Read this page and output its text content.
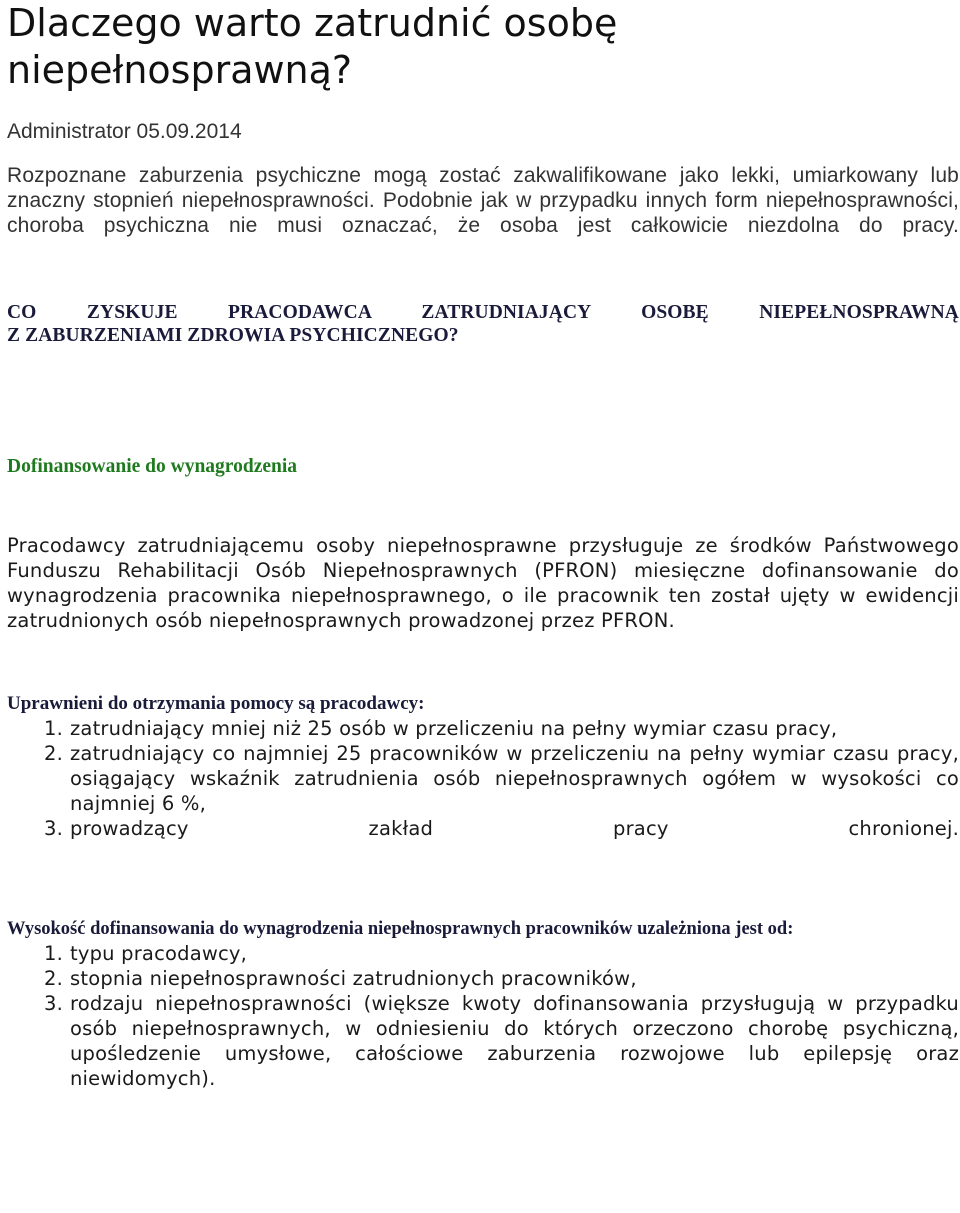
Dlaczego warto zatrudnić osobę niepełnosprawną?
Administrator 05.09.2014
Rozpoznane zaburzenia psychiczne mogą zostać zakwalifikowane jako lekki, umiarkowany lub znaczny stopnień niepełnosprawności. Podobnie jak w przypadku innych form niepełnosprawności, choroba psychiczna nie musi oznaczać, że osoba jest całkowicie niezdolna do pracy.
CO ZYSKUJE PRACODAWCA ZATRUDNIAJĄCY OSOBĘ NIEPEŁNOSPRAWNĄ
Z ZABURZENIAMI ZDROWIA PSYCHICZNEGO?
Dofinansowanie do wynagrodzenia
Pracodawcy zatrudniającemu osoby niepełnosprawne przysługuje ze środków Państwowego Funduszu Rehabilitacji Osób Niepełnosprawnych (PFRON) miesięczne dofinansowanie do wynagrodzenia pracownika niepełnosprawnego, o ile pracownik ten został ujęty w ewidencji zatrudnionych osób niepełnosprawnych prowadzonej przez PFRON.
Uprawnieni do otrzymania pomocy są pracodawcy:
1. zatrudniający mniej niż 25 osób w przeliczeniu na pełny wymiar czasu pracy,
2. zatrudniający co najmniej 25 pracowników w przeliczeniu na pełny wymiar czasu pracy, osiągający wskaźnik zatrudnienia osób niepełnosprawnych ogółem w wysokości co najmniej 6 %,
3. prowadzący zakład pracy chronionej.
Wysokość dofinansowania do wynagrodzenia niepełnosprawnych pracowników uzależniona jest od:
1. typu pracodawcy,
2. stopnia niepełnosprawności zatrudnionych pracowników,
3. rodzaju niepełnosprawności (większe kwoty dofinansowania przysługują w przypadku osób niepełnosprawnych, w odniesieniu do których orzeczono chorobę psychiczną, upośledzenie umysłowe, całościowe zaburzenia rozwojowe lub epilepsję oraz niewidomych).
